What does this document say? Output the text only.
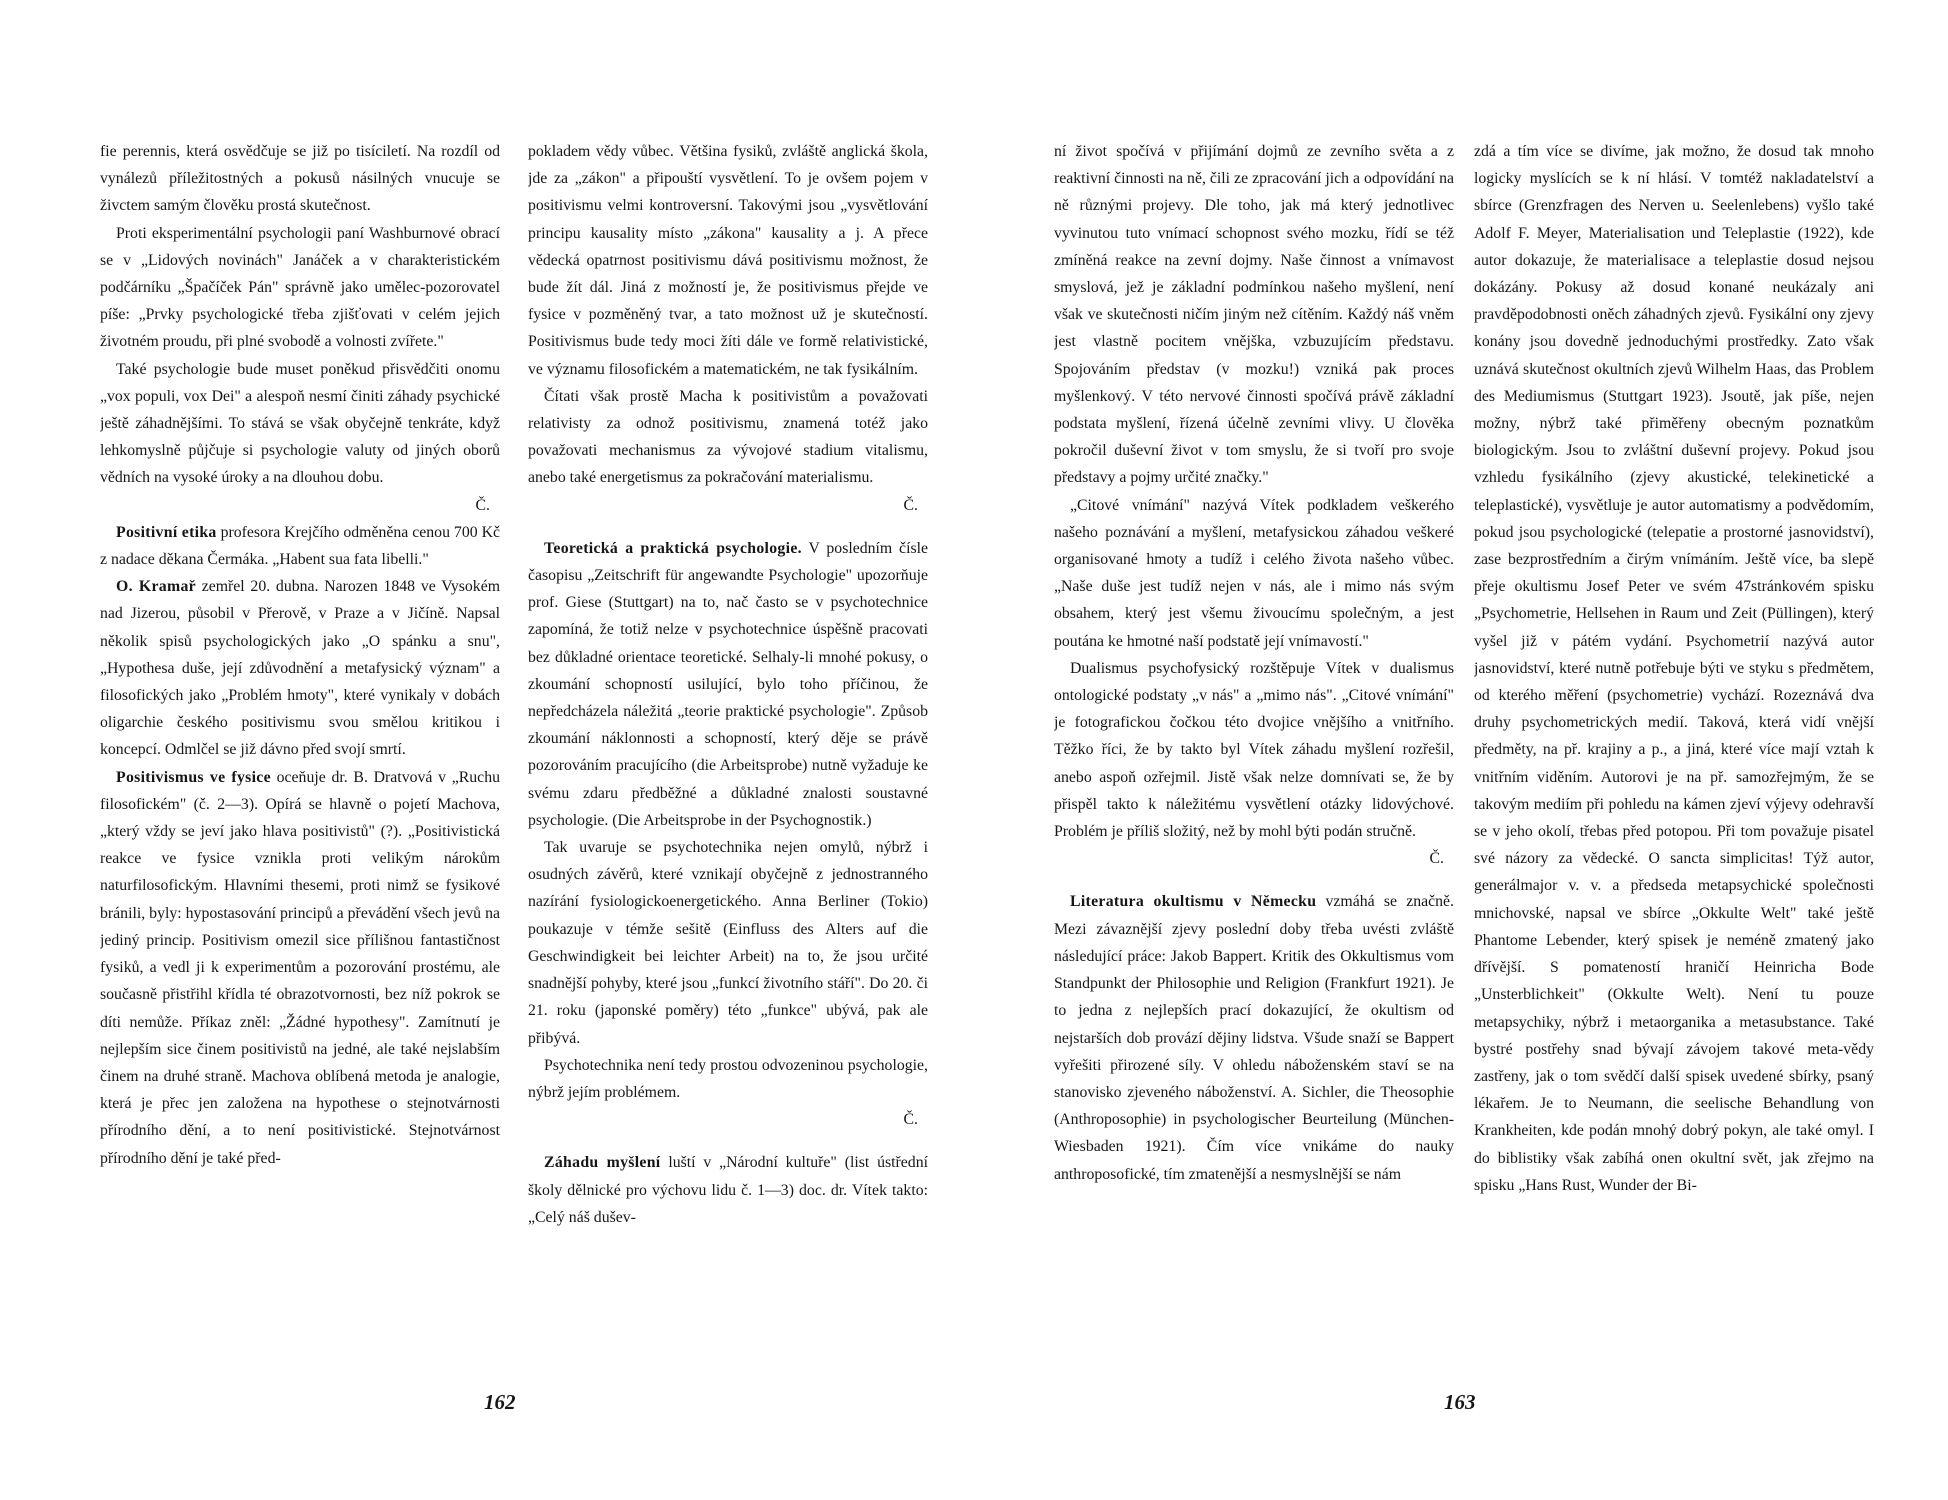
fie perennis, která osvědčuje se již po tisíciletí. Na rozdíl od vynálezů příležitostných a pokusů násilných vnucuje se živctem samým člověku prostá skutečnost.

Proti eksperimentální psychologii paní Washburnové obrací se v „Lidových novinách" Janáček a v charakteristickém podčárníku „Špačíček Pán" správně jako umělec-pozorovatel píše: „Prvky psychologické třeba zjišťovati v celém jejich životném proudu, při plné svobodě a volnosti zvířete."

Také psychologie bude muset poněkud přisvědčiti onomu „vox populi, vox Dei" a alespoň nesmí činiti záhady psychické ještě záhadnějšími. To stává se však obyčejně tenkráte, když lehkomyslně půjčuje si psychologie valuty od jiných oborů vědních na vysoké úroky a na dlouhou dobu.

Č.

Positivní etika profesora Krejčího odměněna cenou 700 Kč z nadace děkana Čermáka. „Habent sua fata libelli."

O. Kramař zemřel 20. dubna. Narozen 1848 ve Vysokém nad Jizerou, působil v Přerově, v Praze a v Jičíně. Napsal několik spisů psychologických jako „O spánku a snu", „Hypothesa duše, její zdůvodnění a metafysický význam" a filosofických jako „Problém hmoty", které vynikaly v dobách oligarchie českého positivismu svou smělou kritikou i koncepcí. Odmlčel se již dávno před svojí smrtí.

Positivismus ve fysice oceňuje dr. B. Dratvová v „Ruchu filosofickém" (č. 2—3). Opírá se hlavně o pojetí Machova, „který vždy se jeví jako hlava positivistů" (?). „Positivistická reakce ve fysice vznikla proti velikým nárokům naturfilosofickým. Hlavními thesemi, proti nimž se fysikové bránili, byly: hypostasování principů a převádění všech jevů na jediný princip. Positivism omezil sice přílišnou fantastičnost fysiků, a vedl ji k experimentům a pozorování prostému, ale současně přistřihl křídla té obrazotvornosti, bez níž pokrok se díti nemůže. Příkaz zněl: „Žádné hypothesy". Zamítnutí je nejlepším sice činem positivistů na jedné, ale také nejslabším činem na druhé straně. Machova oblíbená metoda je analogie, která je přec jen založena na hypothese o stejnotvárnosti přírodního dění, a to není positivistické. Stejnotvárnost přírodního dění je také před-

pokladem vědy vůbec. Většina fysiků, zvláště anglická škola, jde za „zákon" a připouští vysvětlení. To je ovšem pojem v positivismu velmi kontroversní. Takovými jsou „vysvětlování principu kausality místo „zákona" kausality a j. A přece vědecká opatrnost positivismu dává positivismu možnost, že bude žít dál. Jiná z možností je, že positivismus přejde ve fysice v pozměněný tvar, a tato možnost už je skutečností. Positivismus bude tedy moci žíti dále ve formě relativistické, ve významu filosofickém a matematickém, ne tak fysikálním.

Čítati však prostě Macha k positivistům a považovati relativisty za odnož positivismu, znamená totéž jako považovati mechanismus za vývojové stadium vitalismu, anebo také energetismus za pokračování materialismu.

Č.

Teoretická a praktická psychologie. V posledním čísle časopisu „Zeitschrift für angewandte Psychologie" upozorňuje prof. Giese (Stuttgart) na to, nač často se v psychotechnice zapomíná, že totiž nelze v psychotechnice úspěšně pracovati bez důkladné orientace teoretické. Selhaly-li mnohé pokusy, o zkoumání schopností usilující, bylo toho příčinou, že nepředcházela náležitá „teorie praktické psychologie". Způsob zkoumání náklonnosti a schopností, který děje se právě pozorováním pracujícího (die Arbeitsprobe) nutně vyžaduje ke svému zdaru předběžné a důkladné znalosti soustavné psychologie. (Die Arbeitsprobe in der Psychognostik.)

Tak uvaruje se psychotechnika nejen omylů, nýbrž i osudných závěrů, které vznikají obyčejně z jednostranného nazírání fysiologickoenergetického. Anna Berliner (Tokio) poukazuje v témže sešitě (Einfluss des Alters auf die Geschwindigkeit bei leichter Arbeit) na to, že jsou určité snadnější pohyby, které jsou „funkcí životního stáří". Do 20. či 21. roku (japonské poměry) této „funkce" ubývá, pak ale přibývá.

Psychotechnika není tedy prostou odvozeninou psychologie, nýbrž jejím problémem.

Č.

Záhadu myšlení luští v „Národní kultuře" (list ústřední školy dělnické pro výchovu lidu č. 1—3) doc. dr. Vítek takto: „Celý náš dušev-

162

ní život spočívá v přijímání dojmů ze zevního světa a z reaktivní činnosti na ně, čili ze zpracování jich a odpovídání na ně různými projevy. Dle toho, jak má který jednotlivec vyvinutou tuto vnímací schopnost svého mozku, řídí se též zmíněná reakce na zevní dojmy. Naše činnost a vnímavost smyslová, jež je základní podmínkou našeho myšlení, není však ve skutečnosti ničím jiným než cítěním. Každý náš vněm jest vlastně pocitem vnějška, vzbuzujícím představu. Spojováním představ (v mozku!) vzniká pak proces myšlenkový. V této nervové činnosti spočívá právě základní podstata myšlení, řízená účelně zevními vlivy. U člověka pokročil duševní život v tom smyslu, že si tvoří pro svoje představy a pojmy určité značky."

„Citové vnímání" nazývá Vítek podkladem veškerého našeho poznávání a myšlení, metafysickou záhadou veškeré organisované hmoty a tudíž i celého života našeho vůbec. „Naše duše jest tudíž nejen v nás, ale i mimo nás svým obsahem, který jest všemu živoucímu společným, a jest poutána ke hmotné naší podstatě její vnímavostí."

Dualismus psychofysický rozštěpuje Vítek v dualismus ontologické podstaty „v nás" a „mimo nás". „Citové vnímání" je fotografickou čočkou této dvojice vnějšího a vnitřního. Těžko říci, že by takto byl Vítek záhadu myšlení rozřešil, anebo aspoň ozřejmil. Jistě však nelze domnívati se, že by přispěl takto k náležitému vysvětlení otázky lidovýchové. Problém je příliš složitý, než by mohl býti podán stručně.

Č.

Literatura okultismu v Německu vzmáhá se značně. Mezi závaznější zjevy poslední doby třeba uvésti zvláště následující práce: Jakob Bappert. Kritik des Okkultismus vom Standpunkt der Philosophie und Religion (Frankfurt 1921). Je to jedna z nejlepších prací dokazující, že okultism od nejstarších dob provází dějiny lidstva. Všude snaží se Bappert vyřešiti přirozené síly. V ohledu náboženském staví se na stanovisko zjeveného náboženství. A. Sichler, die Theosophie (Anthroposophie) in psychologischer Beurteilung (München-Wiesbaden 1921). Čím více vnikáme do nauky anthroposofické, tím zmatenější a nesmyslnější se nám

zdá a tím více se divíme, jak možno, že dosud tak mnoho logicky myslících se k ní hlásí. V tomtéž nakladatelství a sbírce (Grenzfragen des Nerven u. Seelenlebens) vyšlo také Adolf F. Meyer, Materialisation und Teleplastie (1922), kde autor dokazuje, že materialisace a teleplastie dosud nejsou dokázány. Pokusy až dosud konané neukázaly ani pravděpodobnosti oněch záhadných zjevů. Fysikální ony zjevy konány jsou dovedně jednoduchými prostředky. Zato však uznává skutečnost okultních zjevů Wilhelm Haas, das Problem des Mediumismus (Stuttgart 1923). Jsoutě, jak píše, nejen možny, nýbrž také přiměřeny obecným poznatkům biologickým. Jsou to zvláštní duševní projevy. Pokud jsou vzhledu fysikálního (zjevy akustické, telekinetické a teleplastické), vysvětluje je autor automatismy a podvědomím, pokud jsou psychologické (telepatie a prostorné jasnovidství), zase bezprostředním a čirým vnímáním. Ještě více, ba slepě přeje okultismu Josef Peter ve svém 47stránkovém spisku „Psychometrie, Hellsehen in Raum und Zeit (Püllingen), který vyšel již v pátém vydání. Psychometrií nazývá autor jasnovidství, které nutně potřebuje býti ve styku s předmětem, od kterého měření (psychometrie) vychází. Rozeznává dva druhy psychometrických medií. Taková, která vidí vnější předměty, na př. krajiny a p., a jiná, které více mají vztah k vnitřním viděním. Autorovi je na př. samozřejmým, že se takovým mediím při pohledu na kámen zjeví výjevy odehravší se v jeho okolí, třebas před potopou. Při tom považuje pisatel své názory za vědecké. O sancta simplicitas! Týž autor, generálmajor v. v. a předseda metapsychické společnosti mnichovské, napsal ve sbírce „Okkulte Welt" také ještě Phantome Lebender, který spisek je neméně zmatený jako dřívější. S pomateností hraničí Heinricha Bode „Unsterblichkeit" (Okkulte Welt). Není tu pouze metapsychiky, nýbrž i metaorganika a metasubstance. Také bystré postřehy snad bývají závojem takové meta-vědy zastřeny, jak o tom svědčí další spisek uvedené sbírky, psaný lékařem. Je to Neumann, die seelische Behandlung von Krankheiten, kde podán mnohý dobrý pokyn, ale také omyl. I do biblistiky však zabíhá onen okultní svět, jak zřejmo na spisku „Hans Rust, Wunder der Bi-

163
